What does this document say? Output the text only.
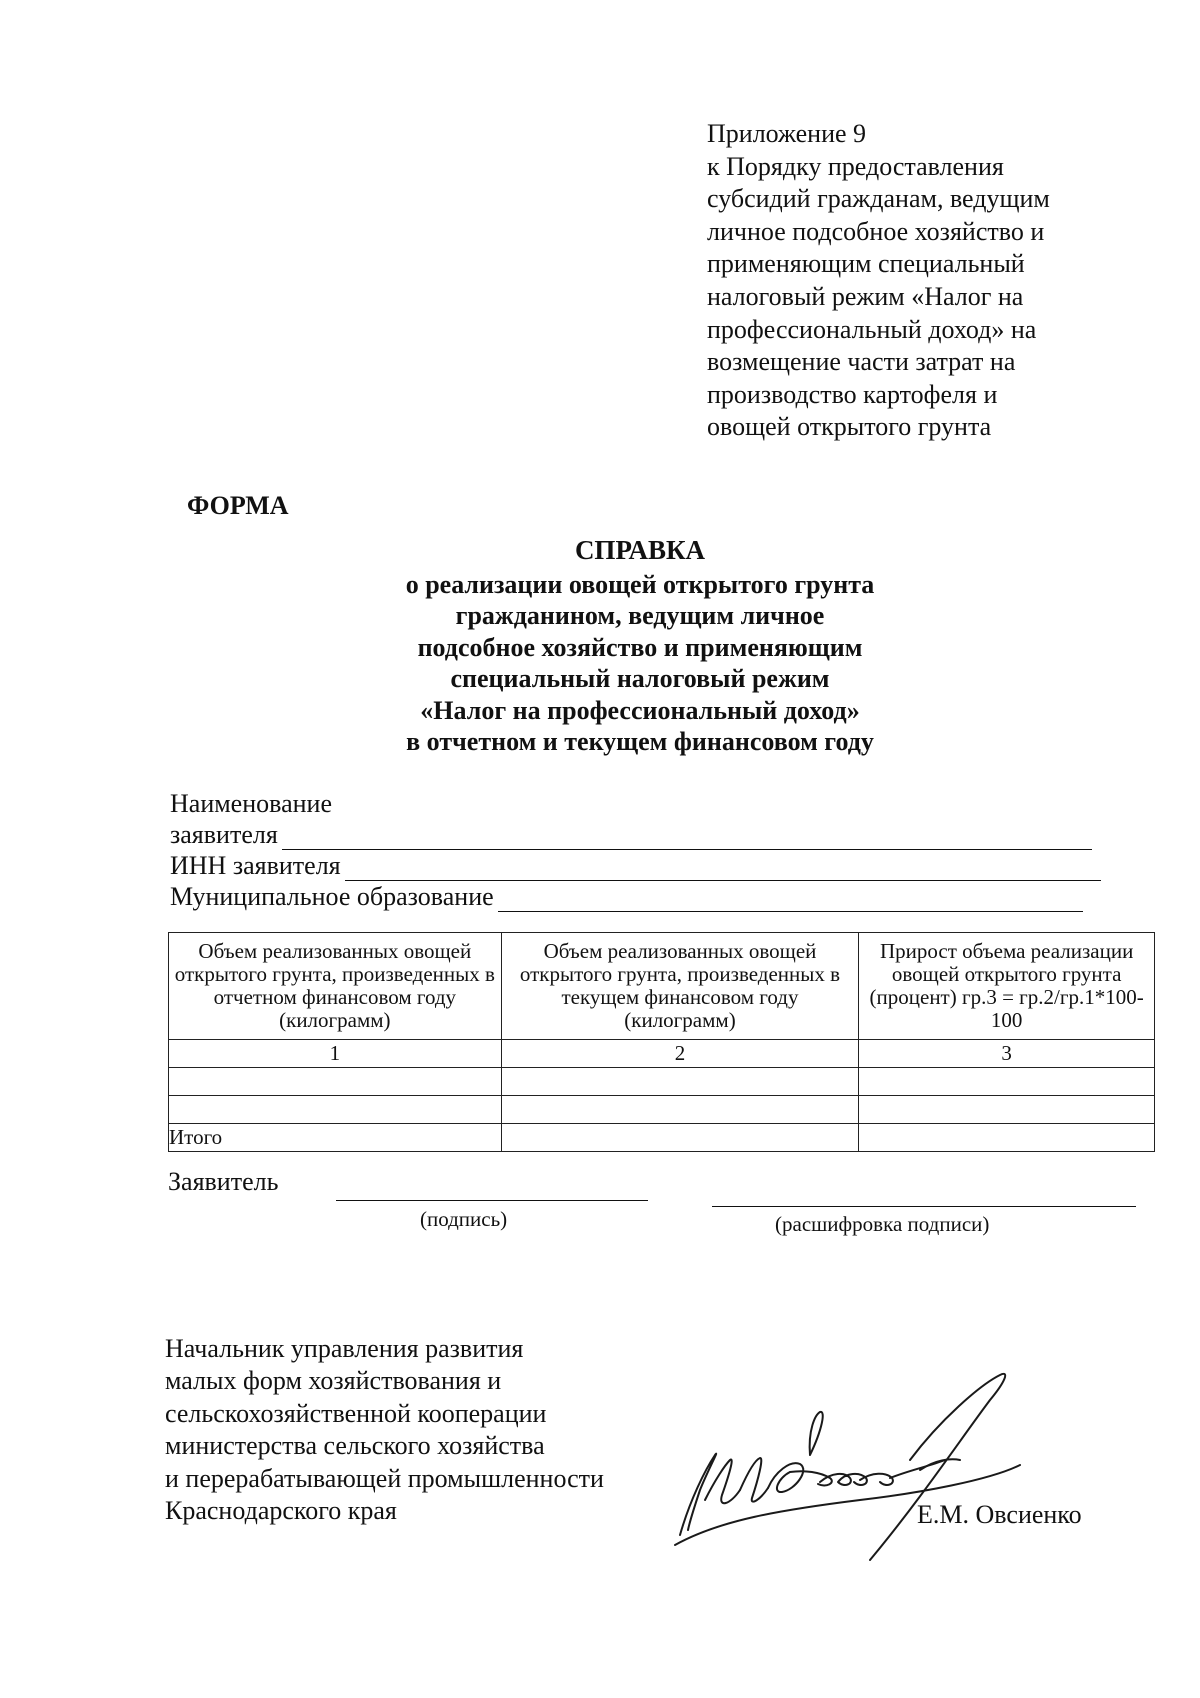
Приложение 9
к Порядку предоставления
субсидий гражданам, ведущим
личное подсобное хозяйство и
применяющим специальный
налоговый режим «Налог на
профессиональный доход» на
возмещение части затрат на
производство картофеля и
овощей открытого грунта
ФОРМА
СПРАВКА
о реализации овощей открытого грунта
гражданином, ведущим личное
подсобное хозяйство и применяющим
специальный налоговый режим
«Налог на профессиональный доход»
в отчетном и текущем финансовом году
Наименование
заявителя
ИНН заявителя
Муниципальное образование
Объем реализованных овощей открытого грунта, произведенных в отчетном финансовом году (килограмм)	Объем реализованных овощей открытого грунта, произведенных в текущем финансовом году (килограмм)	Прирост объема реализации овощей открытого грунта (процент) гр.3 = гр.2/гр.1*100-100
1	2	3

Итого		
Заявитель
(подпись)	(расшифровка подписи)
Начальник управления развития
малых форм хозяйствования и
сельскохозяйственной кооперации
министерства сельского хозяйства
и перерабатывающей промышленности
Краснодарского края	Е.М. Овсиенко
